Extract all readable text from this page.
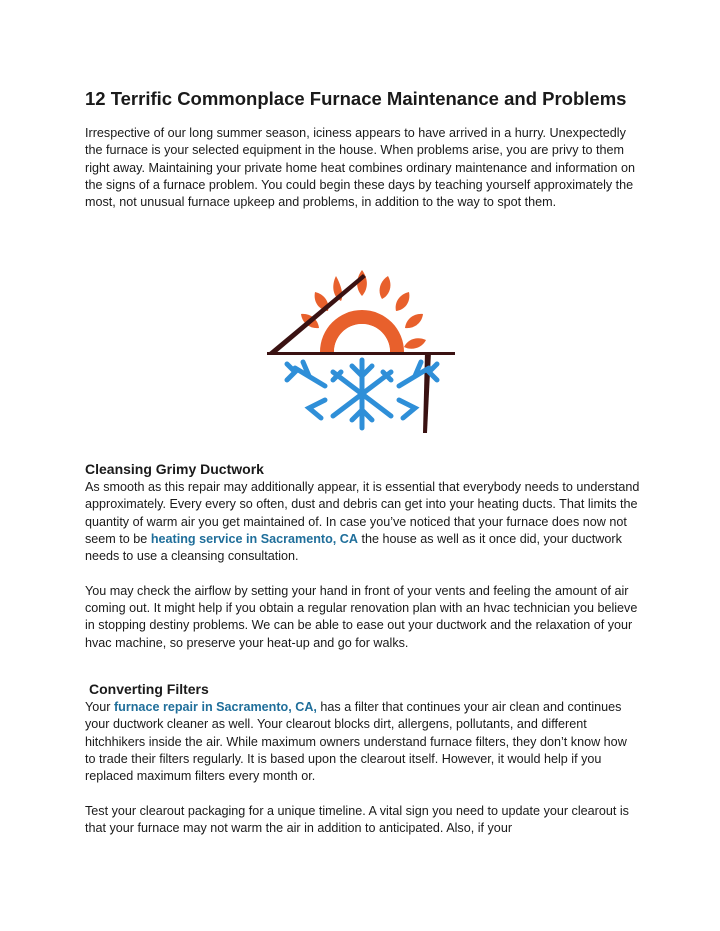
12 Terrific Commonplace Furnace Maintenance and Problems

Irrespective of our long summer season, iciness appears to have arrived in a hurry. Unexpectedly the furnace is your selected equipment in the house. When problems arise, you are privy to them right away. Maintaining your private home heat combines ordinary maintenance and information on the signs of a furnace problem. You could begin these days by teaching yourself approximately the most, not unusual furnace upkeep and problems, in addition to the way to spot them.

Cleansing Grimy Ductwork

As smooth as this repair may additionally appear, it is essential that everybody needs to understand approximately. Every every so often, dust and debris can get into your heating ducts. That limits the quantity of warm air you get maintained of. In case you’ve noticed that your furnace does now not seem to be heating service in Sacramento, CA the house as well as it once did, your ductwork needs to use a cleansing consultation.

You may check the airflow by setting your hand in front of your vents and feeling the amount of air coming out. It might help if you obtain a regular renovation plan with an hvac technician you believe in stopping destiny problems. We can be able to ease out your ductwork and the relaxation of your hvac machine, so preserve your heat-up and go for walks.

Converting Filters

Your furnace repair in Sacramento, CA, has a filter that continues your air clean and continues your ductwork cleaner as well. Your clearout blocks dirt, allergens, pollutants, and different hitchhikers inside the air. While maximum owners understand furnace filters, they don’t know how to trade their filters regularly. It is based upon the clearout itself. However, it would help if you replaced maximum filters every month or.

Test your clearout packaging for a unique timeline. A vital sign you need to update your clearout is that your furnace may not warm the air in addition to anticipated. Also, if your
